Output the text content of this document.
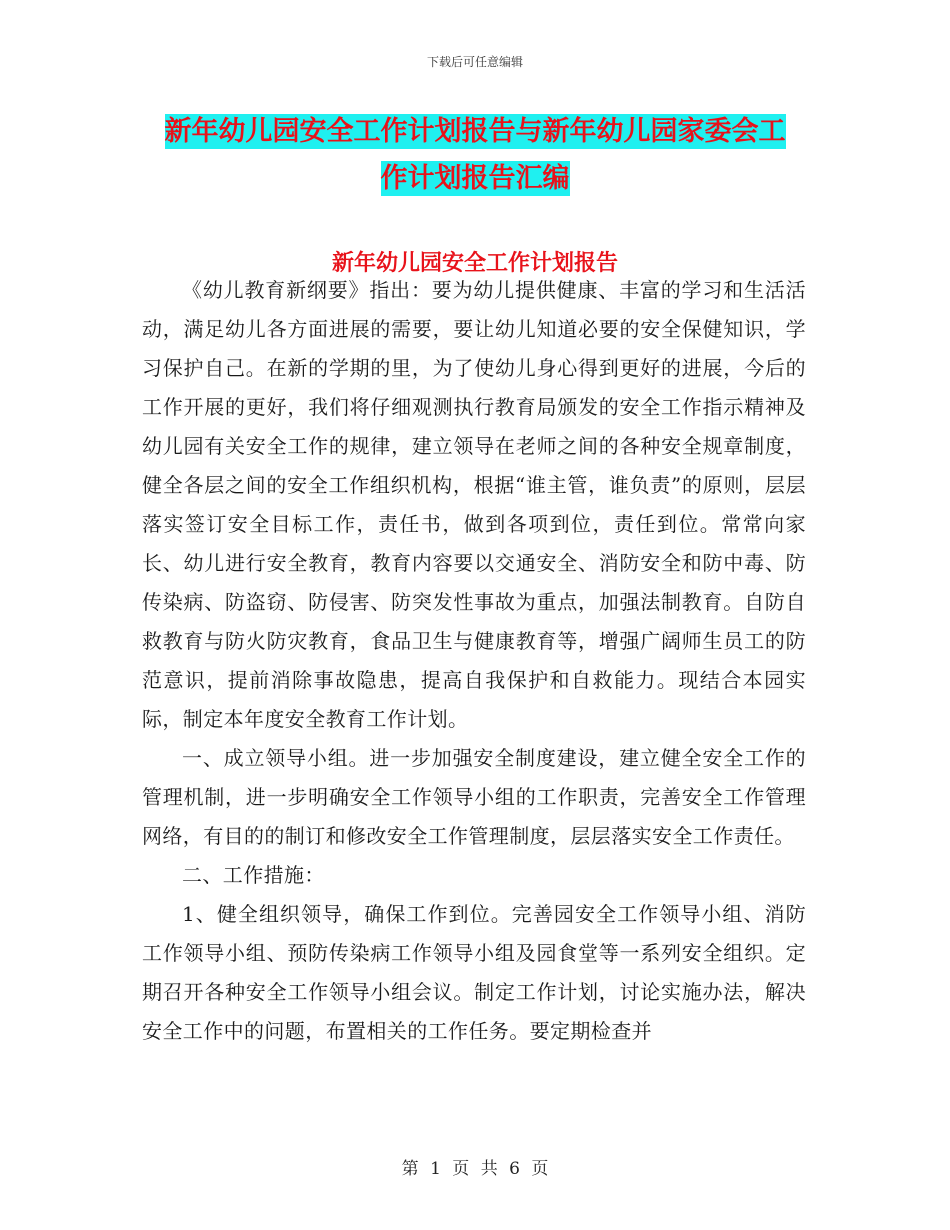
下载后可任意编辑
新年幼儿园安全工作计划报告与新年幼儿园家委会工
作计划报告汇编
新年幼儿园安全工作计划报告

《幼儿教育新纲要》指出：要为幼儿提供健康、丰富的学习和生活活动，满足幼儿各方面进展的需要，要让幼儿知道必要的安全保健知识，学习保护自己。在新的学期的里，为了使幼儿身心得到更好的进展，今后的工作开展的更好，我们将仔细观测执行教育局颁发的安全工作指示精神及幼儿园有关安全工作的规律，建立领导在老师之间的各种安全规章制度，健全各层之间的安全工作组织机构，根据“谁主管，谁负责”的原则，层层落实签订安全目标工作，责任书，做到各项到位，责任到位。常常向家长、幼儿进行安全教育，教育内容要以交通安全、消防安全和防中毒、防传染病、防盗窃、防侵害、防突发性事故为重点，加强法制教育。自防自救教育与防火防灾教育，食品卫生与健康教育等，增强广阔师生员工的防范意识，提前消除事故隐患，提高自我保护和自救能力。现结合本园实际，制定本年度安全教育工作计划。

一、成立领导小组。进一步加强安全制度建设，建立健全安全工作的管理机制，进一步明确安全工作领导小组的工作职责，完善安全工作管理网络，有目的的制订和修改安全工作管理制度，层层落实安全工作责任。

二、工作措施：

1、健全组织领导，确保工作到位。完善园安全工作领导小组、消防工作领导小组、预防传染病工作领导小组及园食堂等一系列安全组织。定期召开各种安全工作领导小组会议。制定工作计划，讨论实施办法，解决安全工作中的问题，布置相关的工作任务。要定期检查并

第 1 页 共 6 页
